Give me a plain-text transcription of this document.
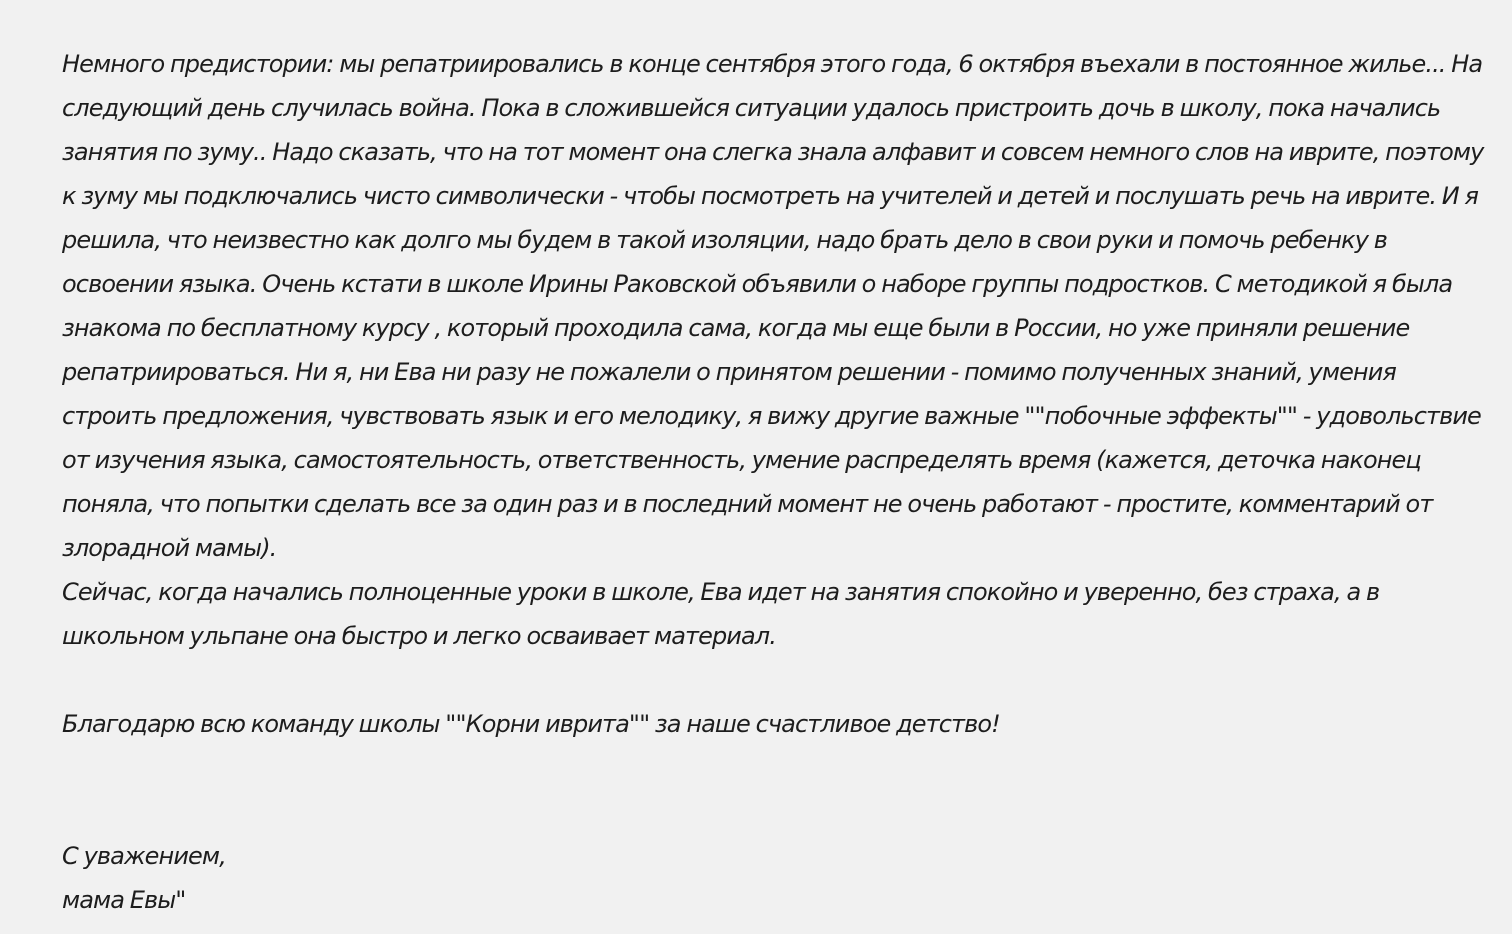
Немного предистории: мы репатриировались в конце сентября этого года, 6 октября въехали в постоянное жилье... На следующий день случилась война. Пока в сложившейся ситуации удалось пристроить дочь в школу, пока начались занятия по зуму.. Надо сказать, что на тот момент она слегка знала алфавит и совсем немного слов на иврите, поэтому к зуму мы подключались чисто символически - чтобы посмотреть на учителей и детей и послушать речь на иврите. И я решила, что неизвестно как долго мы будем в такой изоляции, надо брать дело в свои руки и помочь ребенку в освоении языка. Очень кстати в школе Ирины Раковской объявили о наборе группы подростков. С методикой я была знакома по бесплатному курсу , который проходила сама, когда мы еще были в России, но уже приняли решение репатриироваться. Ни я, ни Ева ни разу не пожалели о принятом решении - помимо полученных знаний, умения строить предложения, чувствовать язык и его мелодику, я вижу другие важные ""побочные эффекты"" - удовольствие от изучения языка, самостоятельность, ответственность, умение распределять время (кажется, деточка наконец поняла, что попытки сделать все за один раз и в последний момент не очень работают - простите, комментарий от злорадной мамы).

Сейчас, когда начались полноценные уроки в школе, Ева идет на занятия спокойно и уверенно, без страха, а в школьном ульпане она быстро и легко осваивает материал.

Благодарю всю команду школы ""Корни иврита"" за наше счастливое детство!

С уважением,

мама Евы"
